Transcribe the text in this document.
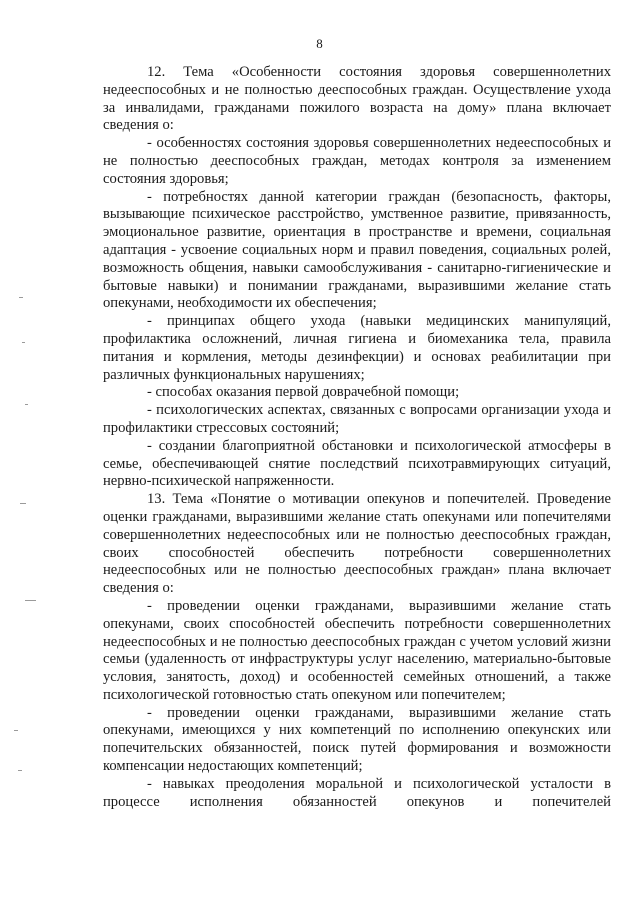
8

12. Тема «Особенности состояния здоровья совершеннолетних недееспособных и не полностью дееспособных граждан. Осуществление ухода за инвалидами, гражданами пожилого возраста на дому» плана включает сведения о:

- особенностях состояния здоровья совершеннолетних недееспособных и не полностью дееспособных граждан, методах контроля за изменением состояния здоровья;

- потребностях данной категории граждан (безопасность, факторы, вызывающие психическое расстройство, умственное развитие, привязанность, эмоциональное развитие, ориентация в пространстве и времени, социальная адаптация - усвоение социальных норм и правил поведения, социальных ролей, возможность общения, навыки самообслуживания - санитарно-гигиенические и бытовые навыки) и понимании гражданами, выразившими желание стать опекунами, необходимости их обеспечения;

- принципах общего ухода (навыки медицинских манипуляций, профилактика осложнений, личная гигиена и биомеханика тела, правила питания и кормления, методы дезинфекции) и основах реабилитации при различных функциональных нарушениях;

- способах оказания первой доврачебной помощи;

- психологических аспектах, связанных с вопросами организации ухода и профилактики стрессовых состояний;

- создании благоприятной обстановки и психологической атмосферы в семье, обеспечивающей снятие последствий психотравмирующих ситуаций, нервно-психической напряженности.

13. Тема «Понятие о мотивации опекунов и попечителей. Проведение оценки гражданами, выразившими желание стать опекунами или попечителями совершеннолетних недееспособных или не полностью дееспособных граждан, своих способностей обеспечить потребности совершеннолетних недееспособных или не полностью дееспособных граждан» плана включает сведения о:

- проведении оценки гражданами, выразившими желание стать опекунами, своих способностей обеспечить потребности совершеннолетних недееспособных и не полностью дееспособных граждан с учетом условий жизни семьи (удаленность от инфраструктуры услуг населению, материально-бытовые условия, занятость, доход) и особенностей семейных отношений, а также психологической готовностью стать опекуном или попечителем;

- проведении оценки гражданами, выразившими желание стать опекунами, имеющихся у них компетенций по исполнению опекунских или попечительских обязанностей, поиск путей формирования и возможности компенсации недостающих компетенций;

- навыках преодоления моральной и психологической усталости в процессе исполнения обязанностей опекунов и попечителей
